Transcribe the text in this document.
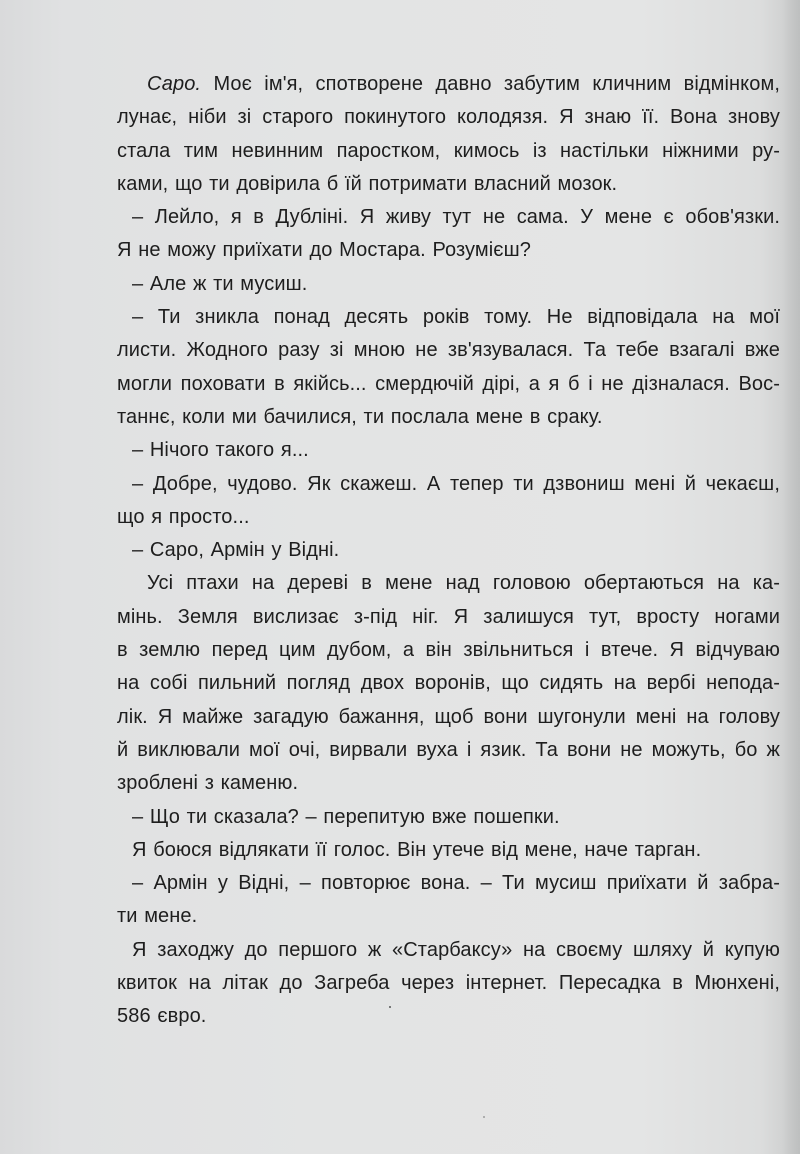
Саро. Моє ім'я, спотворене давно забутим кличним відмінком,
лунає, ніби зі старого покинутого колодязя. Я знаю її. Вона знову
стала тим невинним паростком, кимось із настільки ніжними ру-
ками, що ти довірила б їй потримати власний мозок.
– Лейло, я в Дубліні. Я живу тут не сама. У мене є обов'язки.
Я не можу приїхати до Мостара. Розумієш?
– Але ж ти мусиш.
– Ти зникла понад десять років тому. Не відповідала на мої
листи. Жодного разу зі мною не зв'язувалася. Та тебе взагалі вже
могли поховати в якійсь... смердючій дірі, а я б і не дізналася. Вос-
таннє, коли ми бачилися, ти послала мене в сраку.
– Нічого такого я...
– Добре, чудово. Як скажеш. А тепер ти дзвониш мені й чекаєш,
що я просто...
– Саро, Армін у Відні.
Усі птахи на дереві в мене над головою обертаються на ка-
мінь. Земля вислизає з-під ніг. Я залишуся тут, вросту ногами
в землю перед цим дубом, а він звільниться і втече. Я відчуваю
на собі пильний погляд двох воронів, що сидять на вербі непода-
лік. Я майже загадую бажання, щоб вони шугонули мені на голову
й виклювали мої очі, вирвали вуха і язик. Та вони не можуть, бо ж
зроблені з каменю.
– Що ти сказала? – перепитую вже пошепки.
Я боюся відлякати її голос. Він утече від мене, наче тарган.
– Армін у Відні, – повторює вона. – Ти мусиш приїхати й забра-
ти мене.
Я заходжу до першого ж «Старбаксу» на своєму шляху й купую
квиток на літак до Загреба через інтернет. Пересадка в Мюнхені,
586 євро.
